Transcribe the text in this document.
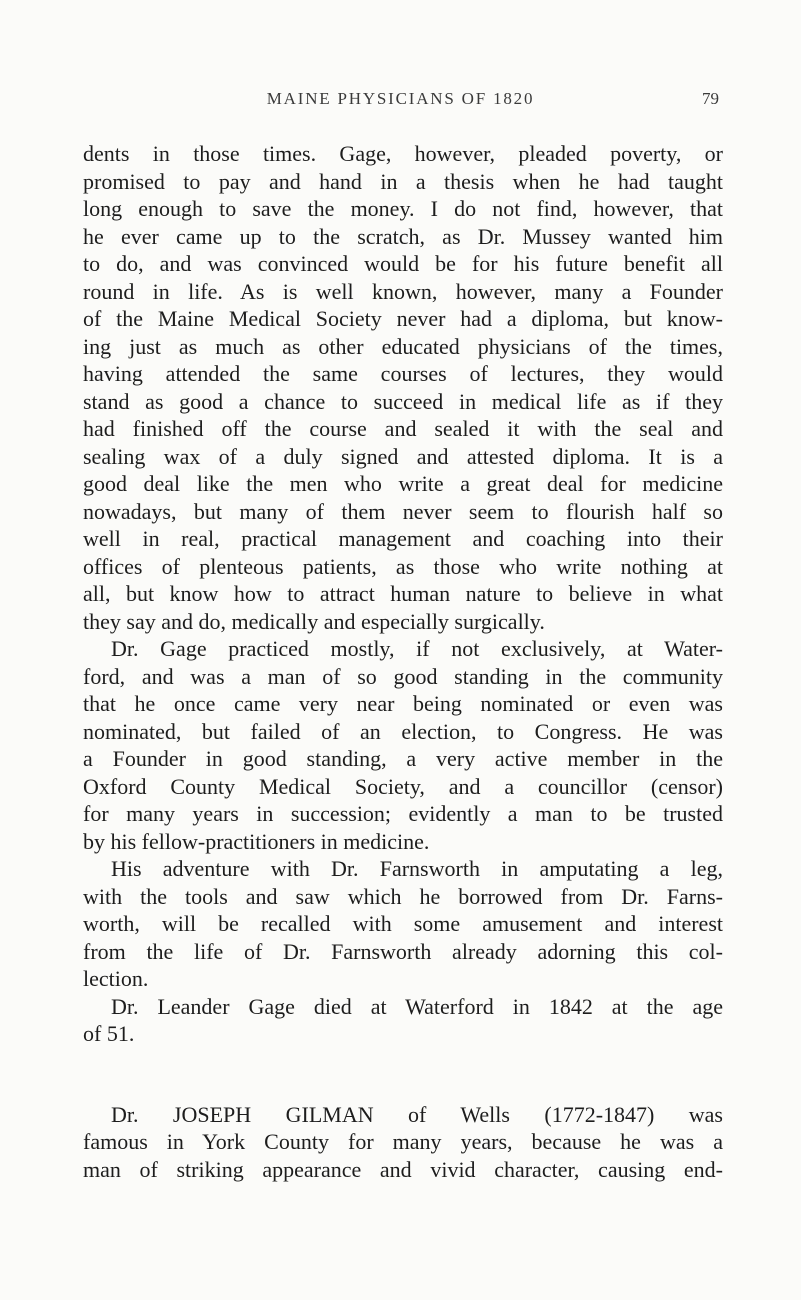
MAINE PHYSICIANS OF 1820	79
dents in those times. Gage, however, pleaded poverty, or
promised to pay and hand in a thesis when he had taught
long enough to save the money. I do not find, however, that
he ever came up to the scratch, as Dr. Mussey wanted him
to do, and was convinced would be for his future benefit all
round in life. As is well known, however, many a Founder
of the Maine Medical Society never had a diploma, but know-
ing just as much as other educated physicians of the times,
having attended the same courses of lectures, they would
stand as good a chance to succeed in medical life as if they
had finished off the course and sealed it with the seal and
sealing wax of a duly signed and attested diploma. It is a
good deal like the men who write a great deal for medicine
nowadays, but many of them never seem to flourish half so
well in real, practical management and coaching into their
offices of plenteous patients, as those who write nothing at
all, but know how to attract human nature to believe in what
they say and do, medically and especially surgically.
Dr. Gage practiced mostly, if not exclusively, at Water-
ford, and was a man of so good standing in the community
that he once came very near being nominated or even was
nominated, but failed of an election, to Congress. He was
a Founder in good standing, a very active member in the
Oxford County Medical Society, and a councillor (censor)
for many years in succession; evidently a man to be trusted
by his fellow-practitioners in medicine.
His adventure with Dr. Farnsworth in amputating a leg,
with the tools and saw which he borrowed from Dr. Farns-
worth, will be recalled with some amusement and interest
from the life of Dr. Farnsworth already adorning this col-
lection.
Dr. Leander Gage died at Waterford in 1842 at the age
of 51.
Dr. JOSEPH GILMAN of Wells (1772-1847) was
famous in York County for many years, because he was a
man of striking appearance and vivid character, causing end-
